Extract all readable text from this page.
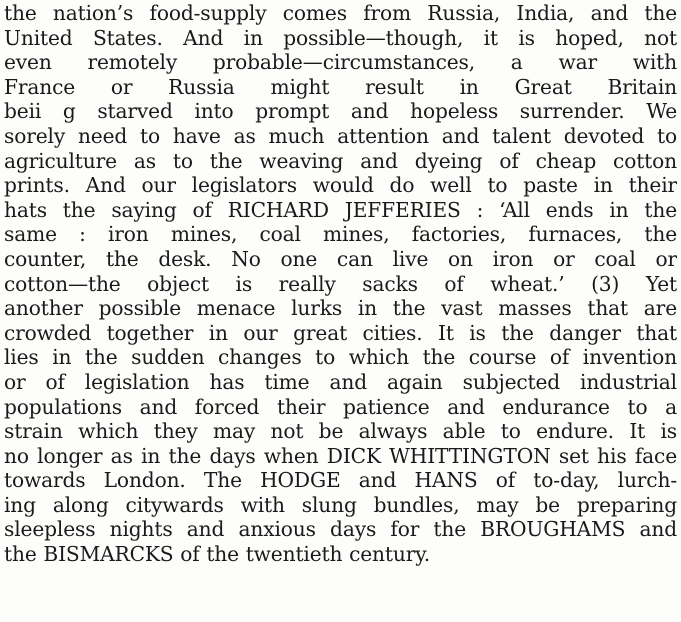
the nation’s food-supply comes from Russia, India, and the
United States. And in possible—though, it is hoped, not
even remotely probable—circumstances, a war with
France or Russia might result in Great Britain
beii g starved into prompt and hopeless surrender. We
sorely need to have as much attention and talent devoted to
agriculture as to the weaving and dyeing of cheap cotton
prints. And our legislators would do well to paste in their
hats the saying of RICHARD JEFFERIES : ‘All ends in the
same : iron mines, coal mines, factories, furnaces, the
counter, the desk. No one can live on iron or coal or
cotton—the object is really sacks of wheat.’ (3) Yet
another possible menace lurks in the vast masses that are
crowded together in our great cities. It is the danger that
lies in the sudden changes to which the course of invention
or of legislation has time and again subjected industrial
populations and forced their patience and endurance to a
strain which they may not be always able to endure. It is
no longer as in the days when DICK WHITTINGTON set his face
towards London. The HODGE and HANS of to-day, lurch-
ing along citywards with slung bundles, may be preparing
sleepless nights and anxious days for the BROUGHAMS and
the BISMARCKS of the twentieth century.
